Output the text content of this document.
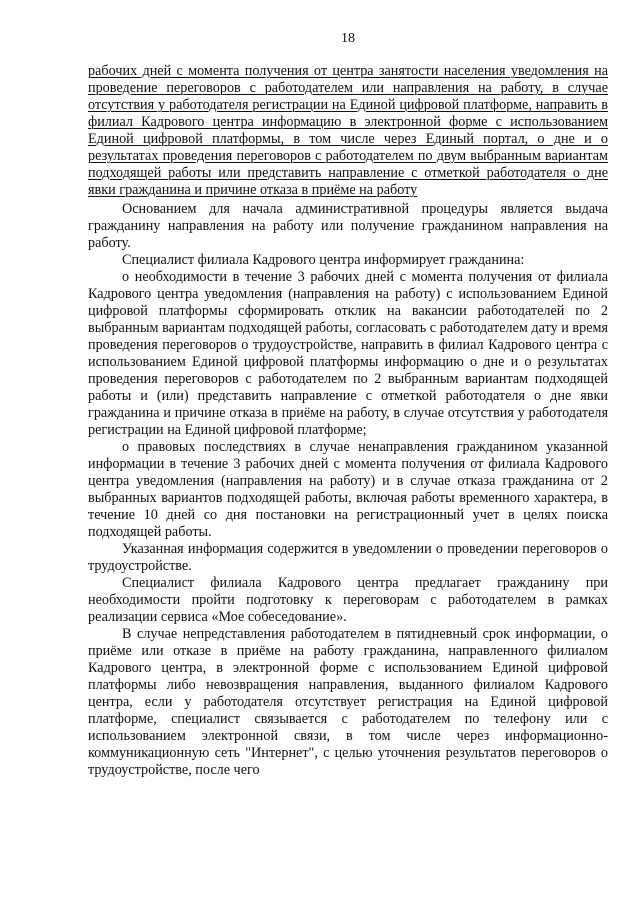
18

рабочих дней с момента получения от центра занятости населения уведомления на проведение переговоров с работодателем или направления на работу, в случае отсутствия у работодателя регистрации на Единой цифровой платформе, направить в филиал Кадрового центра информацию в электронной форме с использованием Единой цифровой платформы, в том числе через Единый портал, о дне и о результатах проведения переговоров с работодателем по двум выбранным вариантам подходящей работы или представить направление с отметкой работодателя о дне явки гражданина и причине отказа в приёме на работу

Основанием для начала административной процедуры является выдача гражданину направления на работу или получение гражданином направления на работу.

Специалист филиала Кадрового центра информирует гражданина:

о необходимости в течение 3 рабочих дней с момента получения от филиала Кадрового центра уведомления (направления на работу) с использованием Единой цифровой платформы сформировать отклик на вакансии работодателей по 2 выбранным вариантам подходящей работы, согласовать с работодателем дату и время проведения переговоров о трудоустройстве, направить в филиал Кадрового центра с использованием Единой цифровой платформы информацию о дне и о результатах проведения переговоров с работодателем по 2 выбранным вариантам подходящей работы и (или) представить направление с отметкой работодателя о дне явки гражданина и причине отказа в приёме на работу, в случае отсутствия у работодателя регистрации на Единой цифровой платформе;

о правовых последствиях в случае ненаправления гражданином указанной информации в течение 3 рабочих дней с момента получения от филиала Кадрового центра уведомления (направления на работу) и в случае отказа гражданина от 2 выбранных вариантов подходящей работы, включая работы временного характера, в течение 10 дней со дня постановки на регистрационный учет в целях поиска подходящей работы.

Указанная информация содержится в уведомлении о проведении переговоров о трудоустройстве.

Специалист филиала Кадрового центра предлагает гражданину при необходимости пройти подготовку к переговорам с работодателем в рамках реализации сервиса «Мое собеседование».

В случае непредставления работодателем в пятидневный срок информации, о приёме или отказе в приёме на работу гражданина, направленного филиалом Кадрового центра, в электронной форме с использованием Единой цифровой платформы либо невозвращения направления, выданного филиалом Кадрового центра, если у работодателя отсутствует регистрация на Единой цифровой платформе, специалист связывается с работодателем по телефону или с использованием электронной связи, в том числе через информационно-коммуникационную сеть "Интернет", с целью уточнения результатов переговоров о трудоустройстве, после чего
